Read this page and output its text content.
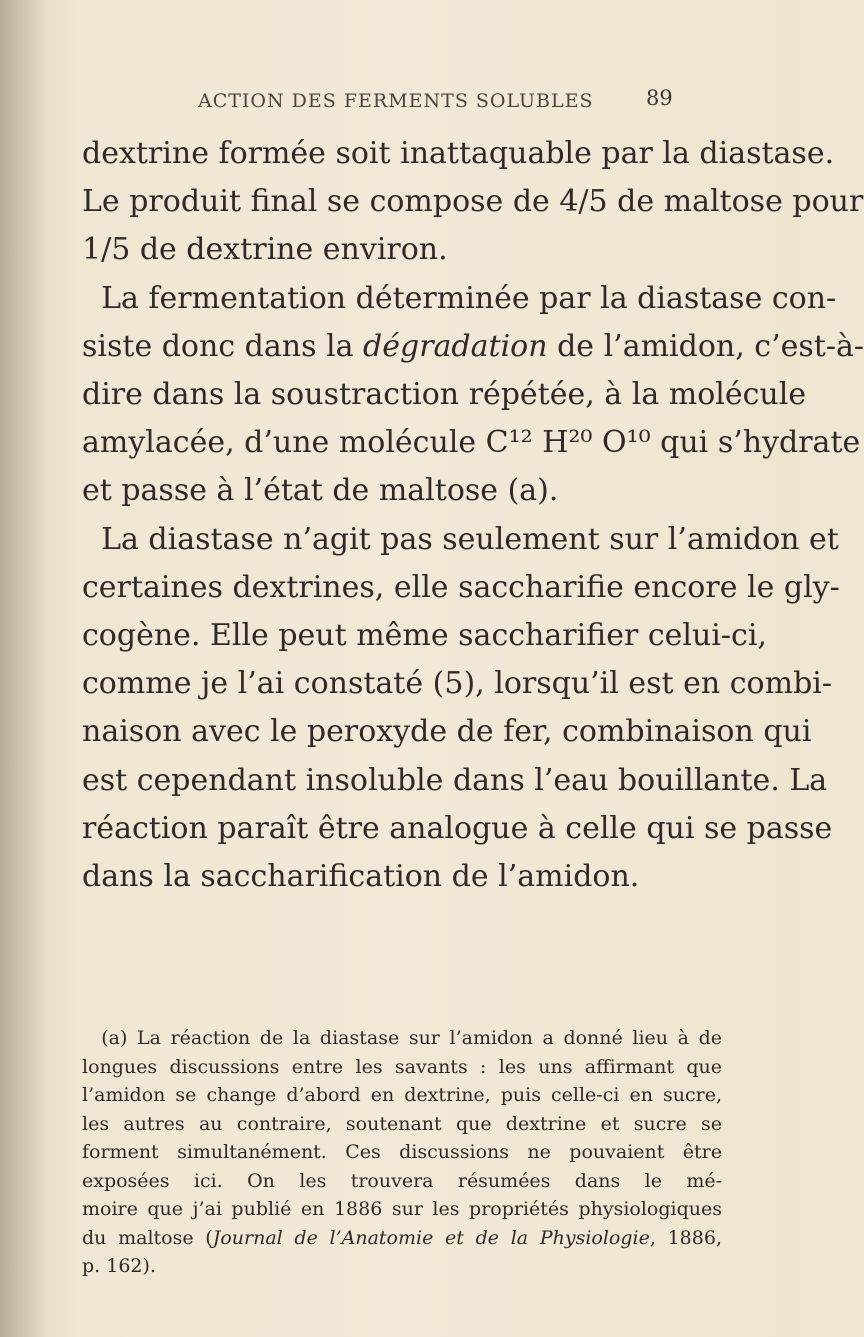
ACTION DES FERMENTS SOLUBLES 89
dextrine formée soit inattaquable par la diastase.
Le produit final se compose de 4/5 de maltose pour
1/5 de dextrine environ.
La fermentation déterminée par la diastase con-
siste donc dans la dégradation de l’amidon, c’est-à-
dire dans la soustraction répétée, à la molécule
amylacée, d’une molécule C¹² H²⁰ O¹⁰ qui s’hydrate
et passe à l’état de maltose (a).
La diastase n’agit pas seulement sur l’amidon et
certaines dextrines, elle saccharifie encore le gly-
cogène. Elle peut même saccharifier celui-ci,
comme je l’ai constaté (5), lorsqu’il est en combi-
naison avec le peroxyde de fer, combinaison qui
est cependant insoluble dans l’eau bouillante. La
réaction paraît être analogue à celle qui se passe
dans la saccharification de l’amidon.
(a) La réaction de la diastase sur l’amidon a donné lieu à de
longues discussions entre les savants : les uns affirmant que
l’amidon se change d’abord en dextrine, puis celle-ci en sucre,
les autres au contraire, soutenant que dextrine et sucre se
forment simultanément. Ces discussions ne pouvaient être
exposées ici. On les trouvera résumées dans le mé-
moire que j’ai publié en 1886 sur les propriétés physiologiques
du maltose (Journal de l’Anatomie et de la Physiologie, 1886,
p. 162).
